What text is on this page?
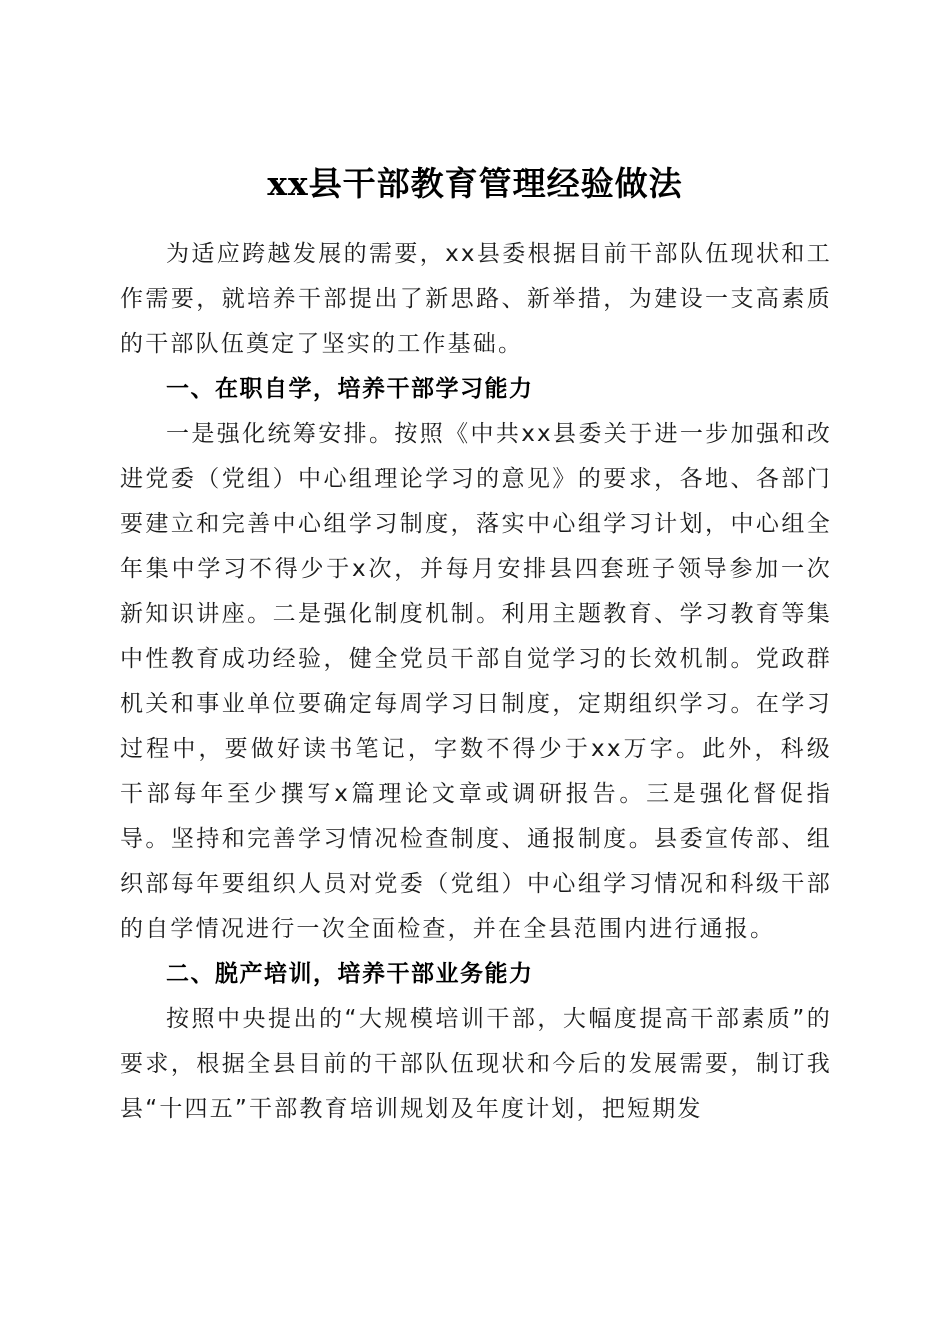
xx县干部教育管理经验做法

为适应跨越发展的需要，xx县委根据目前干部队伍现状和工作需要，就培养干部提出了新思路、新举措，为建设一支高素质的干部队伍奠定了坚实的工作基础。

一、在职自学，培养干部学习能力

一是强化统筹安排。按照《中共xx县委关于进一步加强和改进党委（党组）中心组理论学习的意见》的要求，各地、各部门要建立和完善中心组学习制度，落实中心组学习计划，中心组全年集中学习不得少于x次，并每月安排县四套班子领导参加一次新知识讲座。二是强化制度机制。利用主题教育、学习教育等集中性教育成功经验，健全党员干部自觉学习的长效机制。党政群机关和事业单位要确定每周学习日制度，定期组织学习。在学习过程中，要做好读书笔记，字数不得少于xx万字。此外，科级干部每年至少撰写x篇理论文章或调研报告。三是强化督促指导。坚持和完善学习情况检查制度、通报制度。县委宣传部、组织部每年要组织人员对党委（党组）中心组学习情况和科级干部的自学情况进行一次全面检查，并在全县范围内进行通报。

二、脱产培训，培养干部业务能力

按照中央提出的“大规模培训干部，大幅度提高干部素质”的要求，根据全县目前的干部队伍现状和今后的发展需要，制订我县“十四五”干部教育培训规划及年度计划，把短期发
